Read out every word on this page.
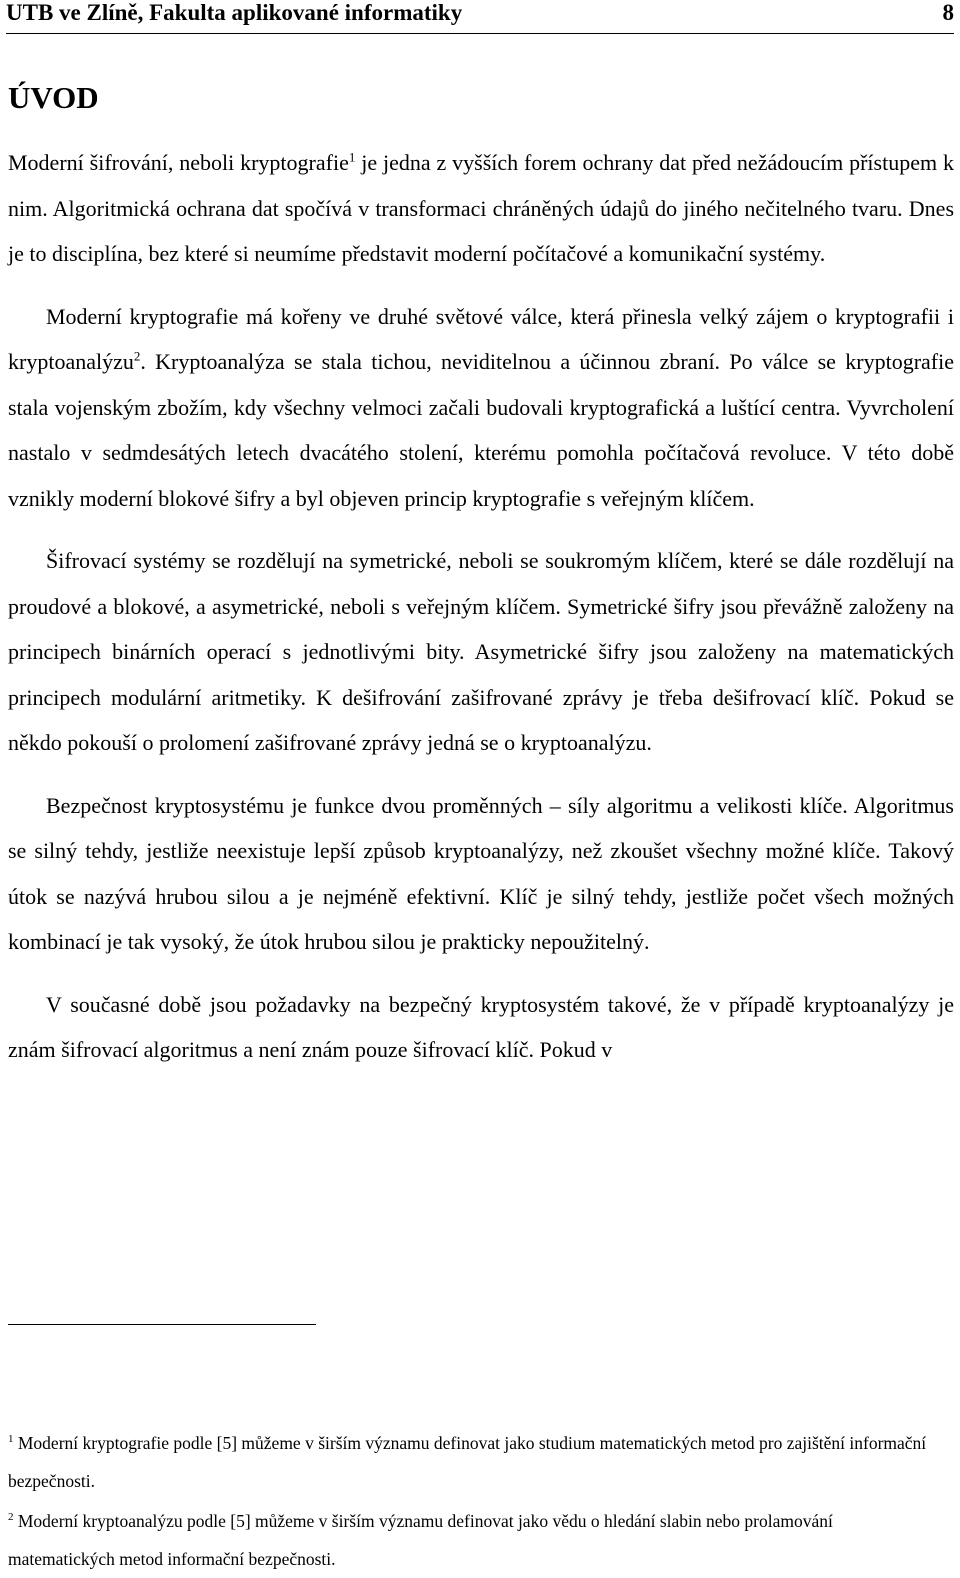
UTB ve Zlíně, Fakulta aplikované informatiky	8
ÚVOD

Moderní šifrování, neboli kryptografie$^1$ je jedna z vyšších forem ochrany dat před nežádoucím přístupem k nim. Algoritmická ochrana dat spočívá v transformaci chráněných údajů do jiného nečitelného tvaru. Dnes je to disciplína, bez které si neumíme představit moderní počítačové a komunikační systémy.

Moderní kryptografie má kořeny ve druhé světové válce, která přinesla velký zájem o kryptografii i kryptoanalýzu$^2$. Kryptoanalýza se stala tichou, neviditelnou a účinnou zbraní. Po válce se kryptografie stala vojenským zbožím, kdy všechny velmoci začali budovali kryptografická a luštící centra. Vyvrcholení nastalo v sedmdesátých letech dvacátého stolení, kterému pomohla počítačová revoluce. V této době vznikly moderní blokové šifry a byl objeven princip kryptografie s veřejným klíčem.

Šifrovací systémy se rozdělují na symetrické, neboli se soukromým klíčem, které se dále rozdělují na proudové a blokové, a asymetrické, neboli s veřejným klíčem. Symetrické šifry jsou převážně založeny na principech binárních operací s jednotlivými bity. Asymetrické šifry jsou založeny na matematických principech modulární aritmetiky. K dešifrování zašifrované zprávy je třeba dešifrovací klíč. Pokud se někdo pokouší o prolomení zašifrované zprávy jedná se o kryptoanalýzu.

Bezpečnost kryptosystému je funkce dvou proměnných – síly algoritmu a velikosti klíče. Algoritmus se silný tehdy, jestliže neexistuje lepší způsob kryptoanalýzy, než zkoušet všechny možné klíče. Takový útok se nazývá hrubou silou a je nejméně efektivní. Klíč je silný tehdy, jestliže počet všech možných kombinací je tak vysoký, že útok hrubou silou je prakticky nepoužitelný.

V současné době jsou požadavky na bezpečný kryptosystém takové, že v případě kryptoanalýzy je znám šifrovací algoritmus a není znám pouze šifrovací klíč. Pokud v

$^1$ Moderní kryptografie podle [5] můžeme v širším významu definovat jako studium matematických metod pro zajištění informační bezpečnosti.

$^2$ Moderní kryptoanalýzu podle [5] můžeme v širším významu definovat jako vědu o hledání slabin nebo prolamování matematických metod informační bezpečnosti.
